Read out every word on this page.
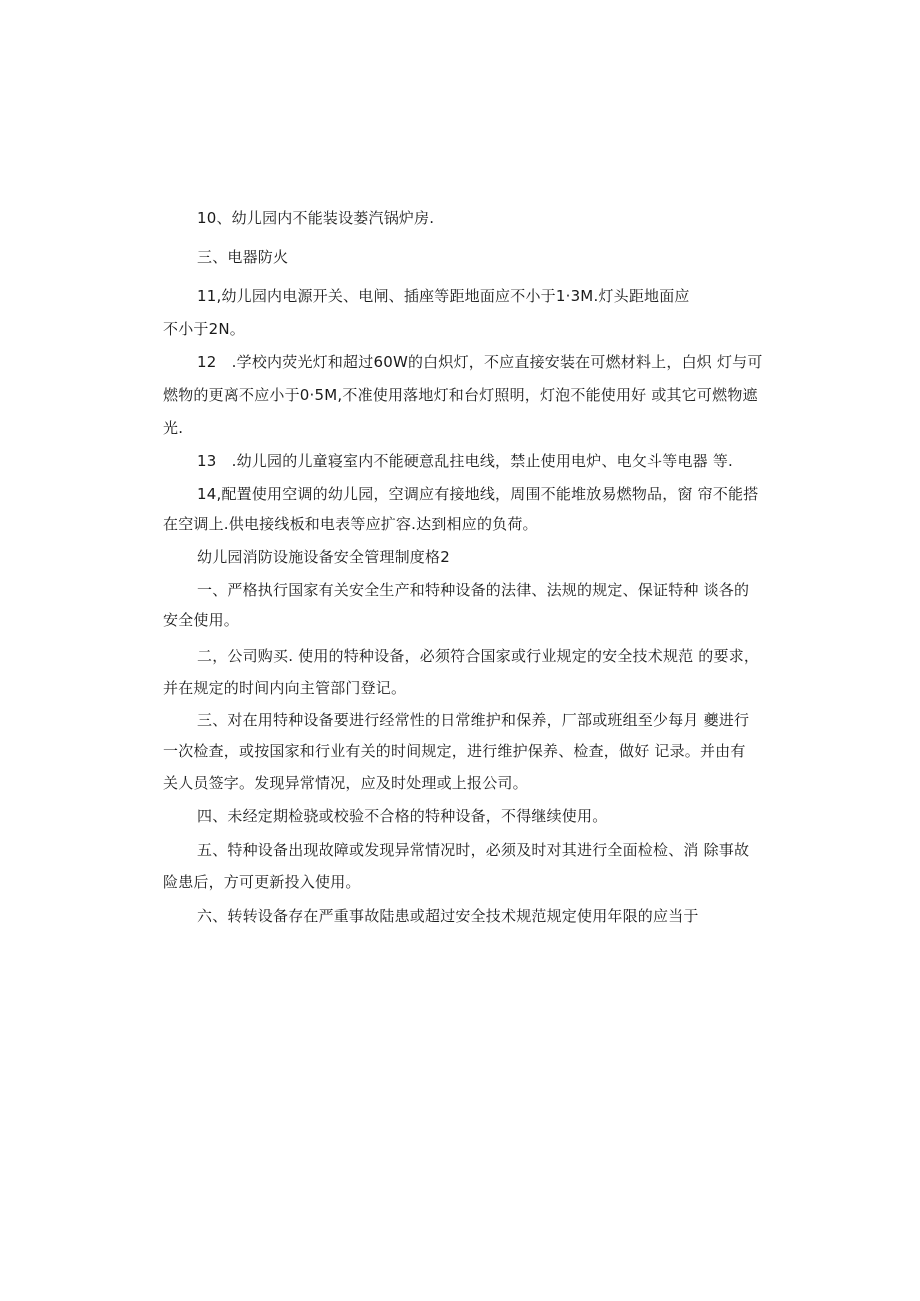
10、幼儿园内不能装设蒌汽锅炉房.
三、电器防火
11,幼儿园内电源开关、电闸、插座等距地面应不小于1·3M.灯头距地面应
不小于2N。
12　.学校内荧光灯和超过60W的白炽灯，不应直接安装在可燃材料上，白炽 灯与可
燃物的更离不应小于0·5M,不准使用落地灯和台灯照明，灯泡不能使用好 或其它可燃物遮
光.
13　.幼儿园的儿童寝室内不能硬意乱拄电线，禁止使用电炉、电攵斗等电器 等.
14,配置使用空调的幼儿园，空调应有接地线，周围不能堆放易燃物品，窗 帘不能搭
在空调上.供电接线板和电表等应扩容.达到相应的负荷。
幼儿园消防设施设备安全管理制度格2
一、严格执行国家有关安全生产和特种设备的法律、法规的规定、保证特种 谈各的
安全使用。
二，公司购买. 使用的特种设备，必须符合国家或行业规定的安全技术规范 的要求，
并在规定的时间内向主管部门登记。
三、对在用特种设备要进行经常性的日常维护和保养，厂部或班组至少每月 夔进行
一次检查，或按国家和行业有关的时间规定，进行维护保养、检查，做好 记录。并由有
关人员签字。发现异常情况，应及时处理或上报公司。
四、未经定期检骁或校验不合格的特种设备，不得继续使用。
五、特种设备出现故障或发现异常情况时，必须及时对其进行全面检检、消 除事故
险患后，方可更新投入使用。
六、转转设备存在严重事故陆患或超过安全技术规范规定使用年限的应当于
